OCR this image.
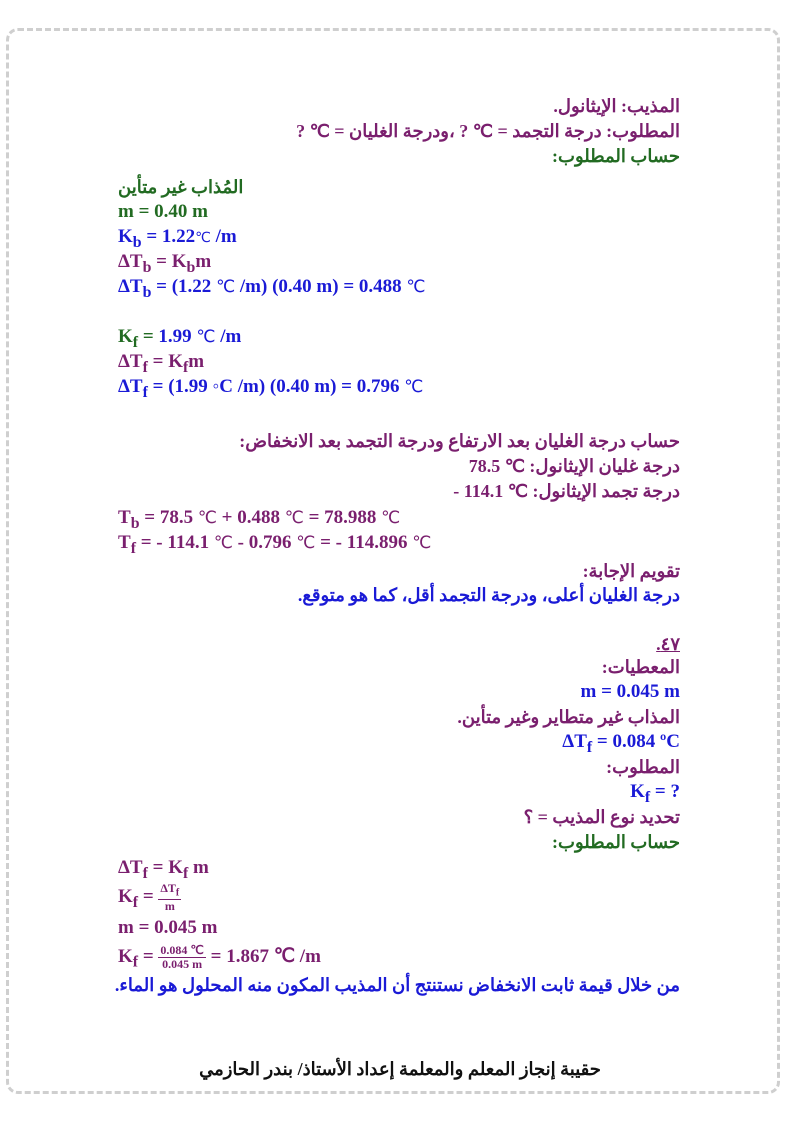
المذيب: الإيثانول.
المطلوب: درجة التجمد = ℃ ? ،ودرجة الغليان = ℃ ?
حساب المطلوب:
المُذاب غير متأين
m = 0.40 m
$K_b$ = 1.22℃ /m
$\Delta T_b = K_bm$
$\Delta T_b = (1.22$ ℃ /m) (0.40 m) = 0.488 ℃
$K_f = 1.99$ ℃ /m
$\Delta T_f = K_fm$
$\Delta T_f = (1.99$ ◦C /m) (0.40 m) = 0.796 ℃
حساب درجة الغليان بعد الارتفاع ودرجة التجمد بعد الانخفاض:
درجة غليان الإيثانول: ℃ 78.5
درجة تجمد الإيثانول: ℃ 114.1 -
$T_b = 78.5$ ℃ + 0.488 ℃ = 78.988 ℃
$T_f$ = - 114.1 ℃ - 0.796 ℃ = - 114.896 ℃
تقويم الإجابة:
درجة الغليان أعلى، ودرجة التجمد أقل، كما هو متوقع.
٤٧.
المعطيات:
m = 0.045 m
المذاب غير متطاير وغير متأين.
$\Delta T_f = 0.084$ ºC
المطلوب:
$K_f$ = ?
تحديد نوع المذيب = ؟
حساب المطلوب:
$\Delta T_f = K_f$ m
$K_f = \frac{\Delta T_f}{m}$
m = 0.045 m
$K_f = \frac{0.084 ℃}{0.045 m} = 1.867$ ℃ /m
من خلال قيمة ثابت الانخفاض نستنتج أن المذيب المكون منه المحلول هو الماء.
حقيبة إنجاز المعلم والمعلمة إعداد الأستاذ/ بندر الحازمي
